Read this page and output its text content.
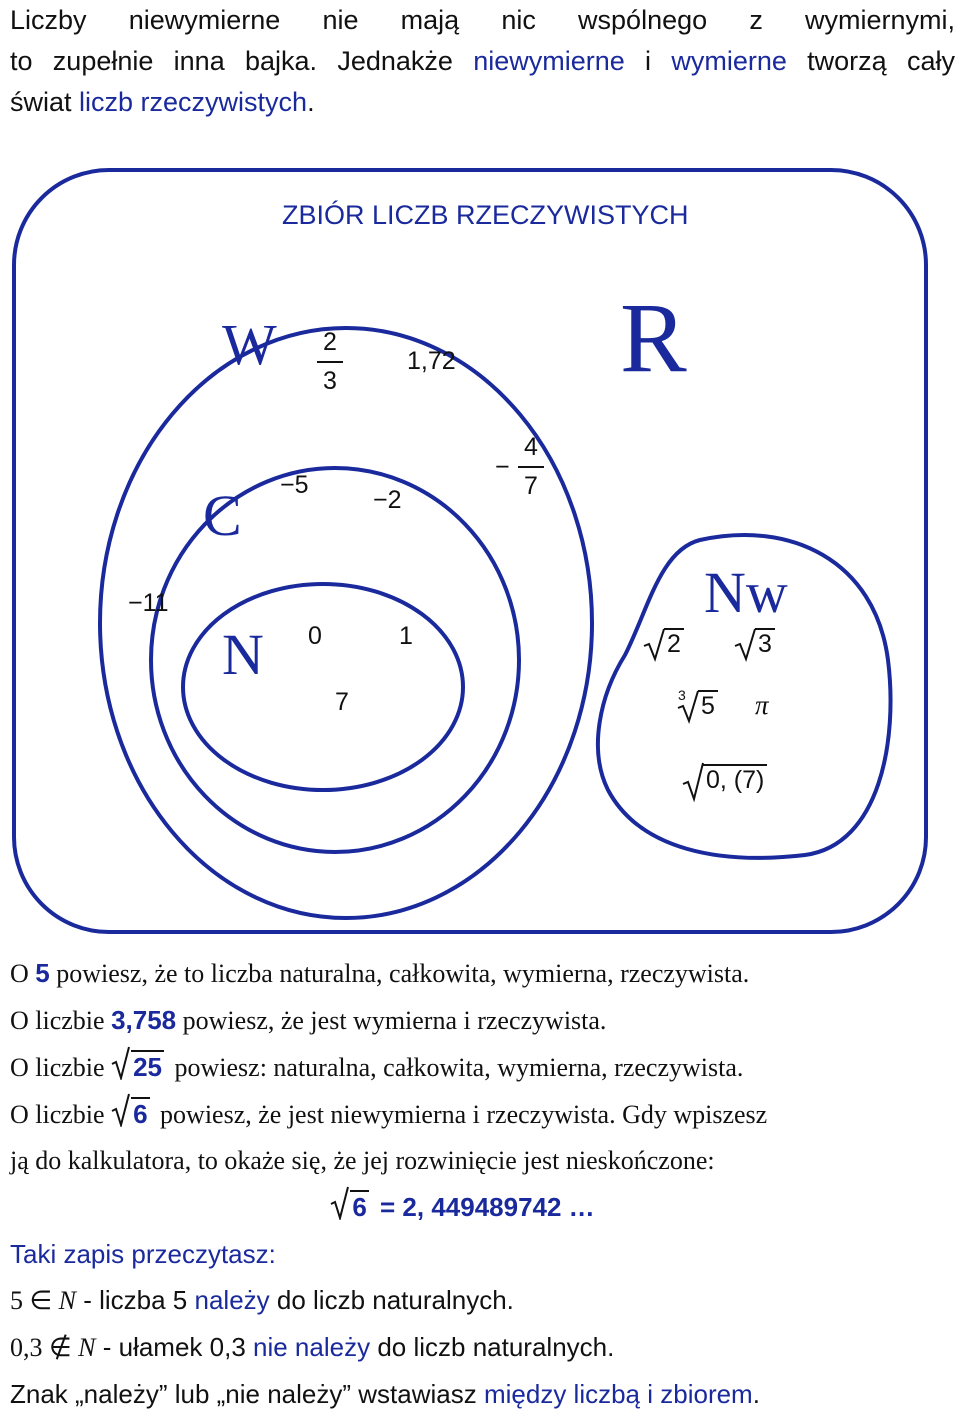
Liczby niewymierne nie mają nic wspólnego z wymiernymi,

to zupełnie inna bajka. Jednakże niewymierne i wymierne tworzą cały

świat liczb rzeczywistych.

ZBIÓR LICZB RZECZYWISTYCH
R
W
C
N
Nw
2
3
1,72
−
4
7
−5
−2
−11
0	1
7
2	3
3 5 π
0, (7)

O 5 powiesz, że to liczba naturalna, całkowita, wymierna, rzeczywista.

O liczbie 3,758 powiesz, że jest wymierna i rzeczywista.

O liczbie
25 powiesz: naturalna, całkowita, wymierna, rzeczywista.

O liczbie
6 powiesz, że jest niewymierna i rzeczywista. Gdy wpiszesz

ją do kalkulatora, to okaże się, że jej rozwinięcie jest nieskończone:

6 = 2, 449489742 …

Taki zapis przeczytasz:

5 ∈ N - liczba 5 należy do liczb naturalnych.

0,3 ∉ N - ułamek 0,3 nie należy do liczb naturalnych.

Znak „należy” lub „nie należy” wstawiasz między liczbą i zbiorem.
